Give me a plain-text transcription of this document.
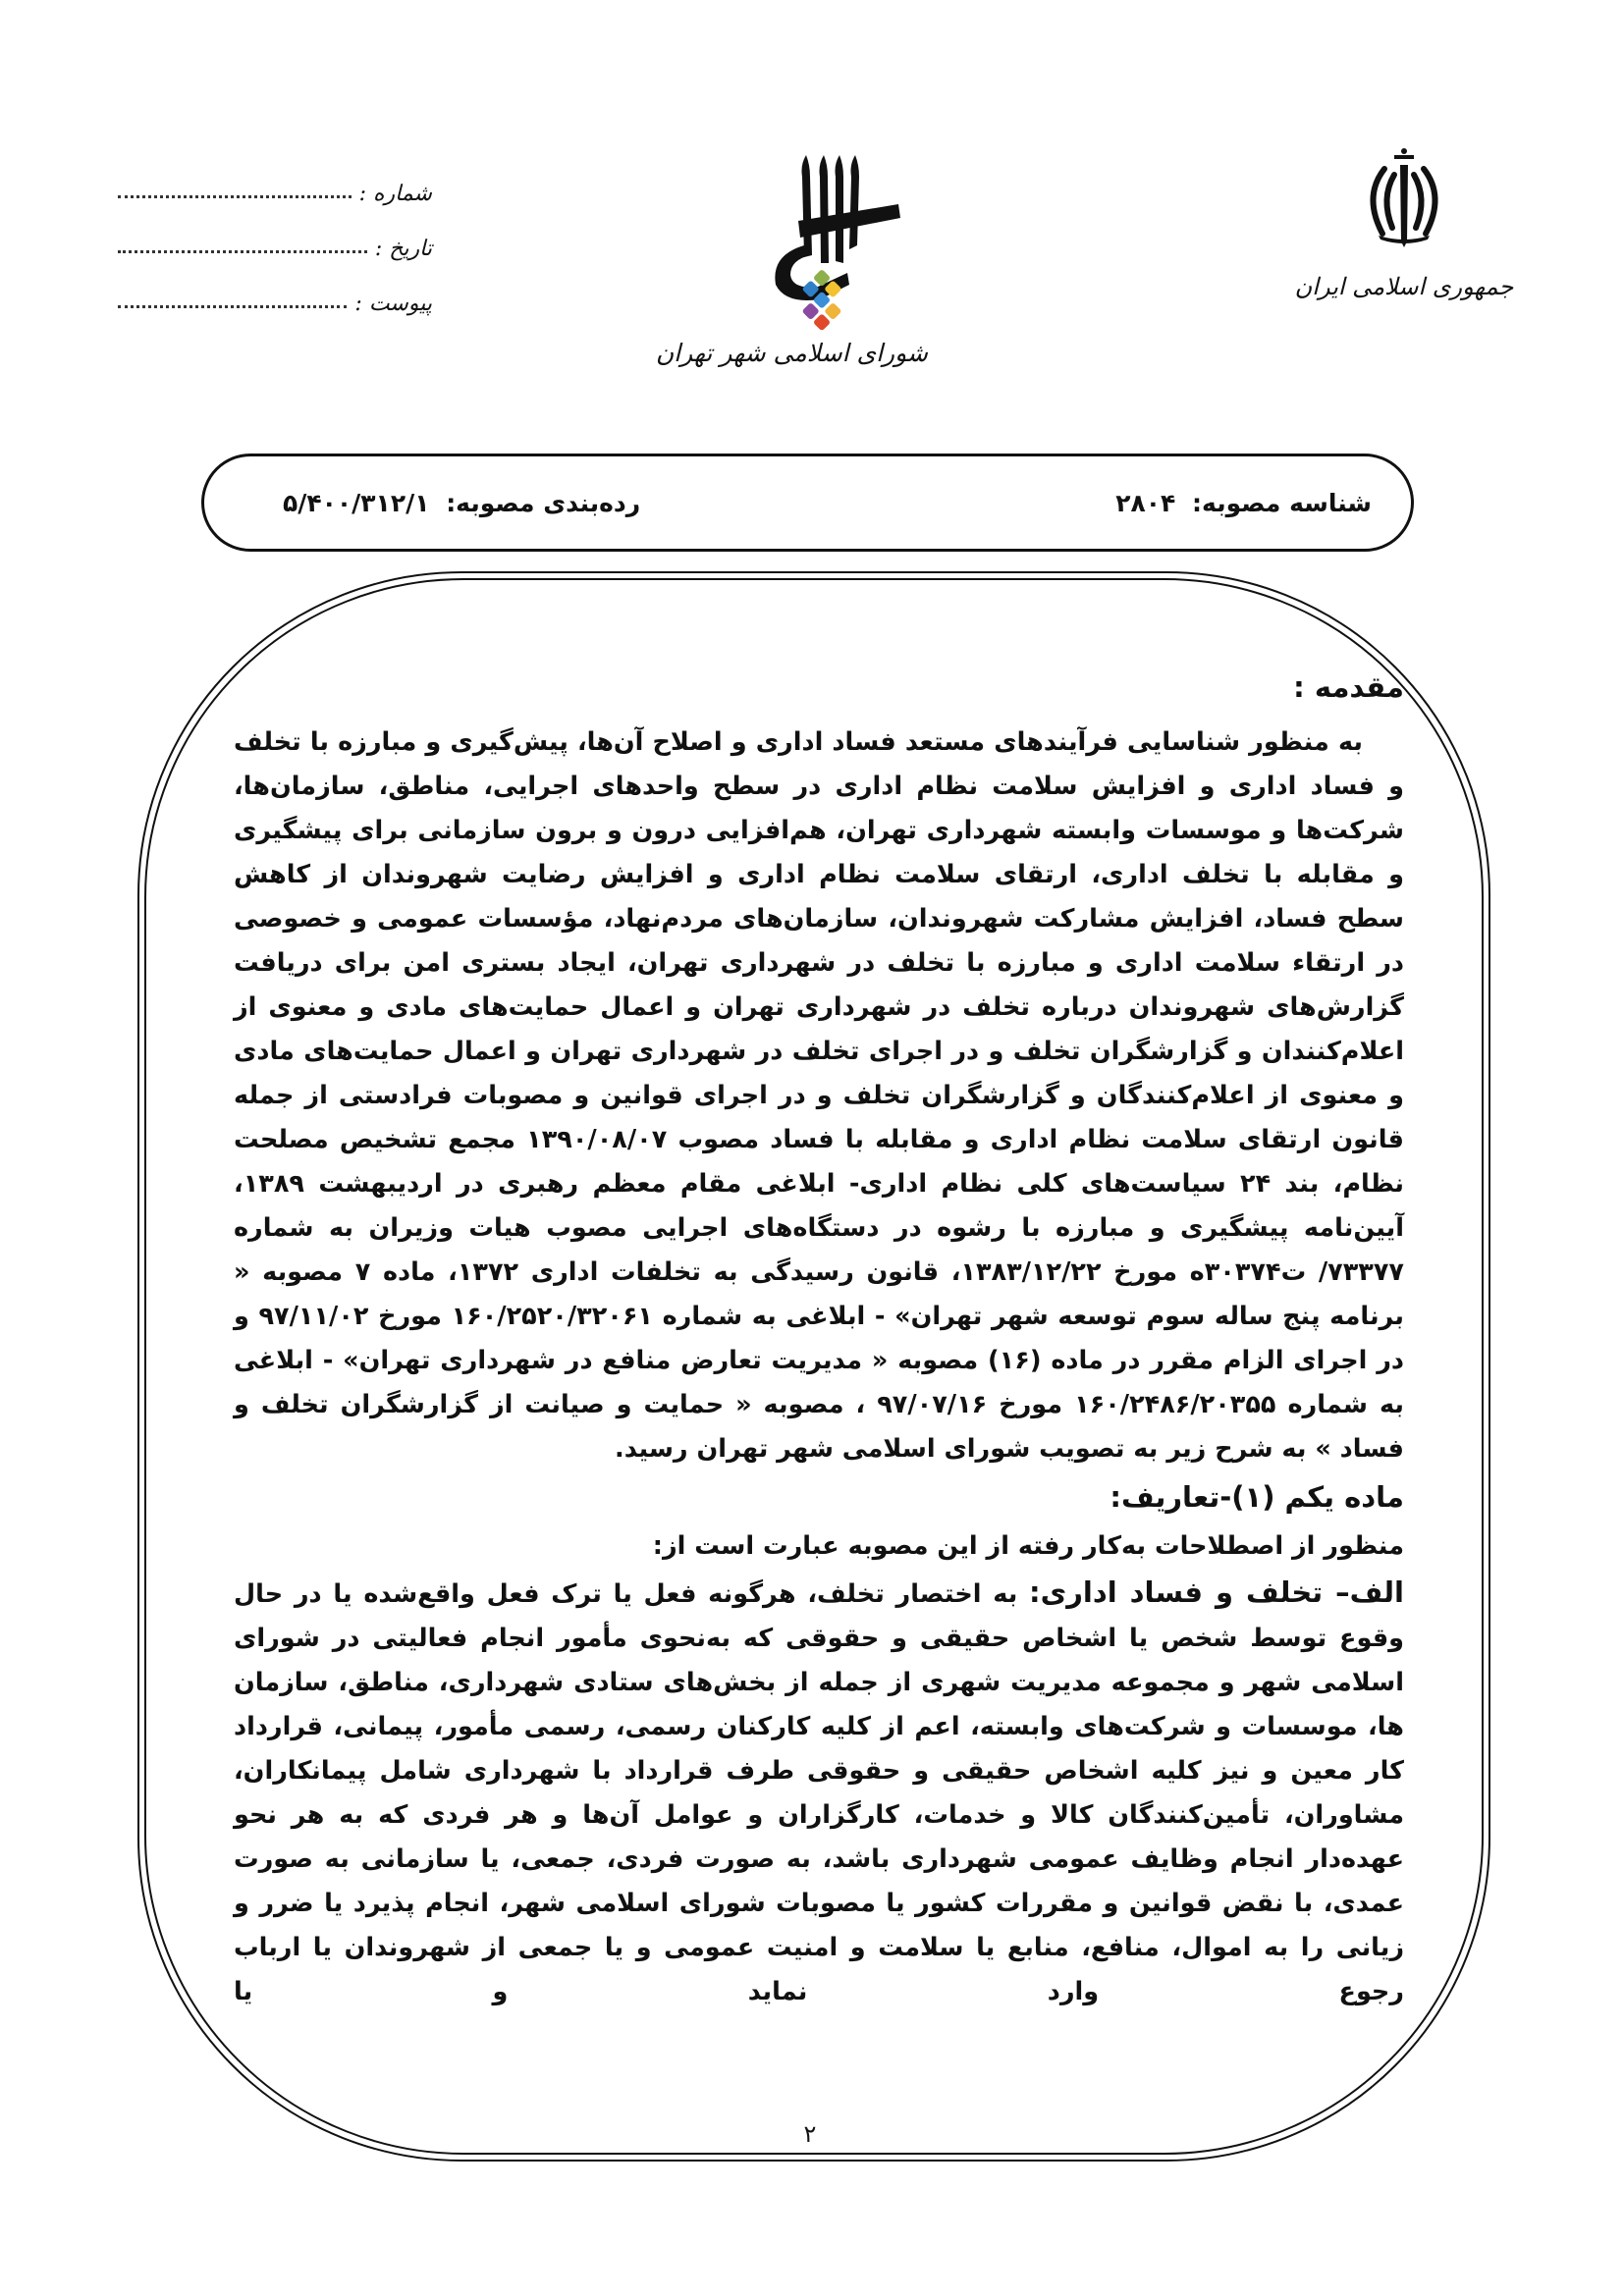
شماره :
تاریخ :
پیوست :
شورای اسلامی شهر تهران
جمهوری اسلامی ایران
شناسه مصوبه: ۲۸۰۴
رده‌بندی مصوبه: ۵/۴۰۰/۳۱۲/۱

مقدمه :

به منظور شناسایی فرآیندهای مستعد فساد اداری و اصلاح آن‌ها، پیش‌گیری و مبارزه با تخلف و فساد اداری و افزایش سلامت نظام اداری در سطح واحدهای اجرایی، مناطق، سازمان‌ها، شرکت‌ها و موسسات وابسته شهرداری تهران، هم‌افزایی درون و برون سازمانی برای پیشگیری و مقابله با تخلف اداری، ارتقای سلامت نظام اداری و افزایش رضایت شهروندان از کاهش سطح فساد، افزایش مشارکت شهروندان، سازمان‌های مردم‌نهاد، مؤسسات عمومی و خصوصی در ارتقاء سلامت اداری و مبارزه با تخلف در شهرداری تهران، ایجاد بستری امن برای دریافت گزارش‌های شهروندان درباره تخلف در شهرداری تهران و اعمال حمایت‌های مادی و معنوی از اعلام‌کنندان و گزارشگران تخلف و در اجرای تخلف در شهرداری تهران و اعمال حمایت‌های مادی و معنوی از اعلام‌کنندگان و گزارشگران تخلف و در اجرای قوانین و مصوبات فرادستی از جمله قانون ارتقای سلامت نظام اداری و مقابله با فساد مصوب ۱۳۹۰/۰۸/۰۷ مجمع تشخیص مصلحت نظام، بند ۲۴ سیاست‌های کلی نظام اداری- ابلاغی مقام معظم رهبری در اردیبهشت ۱۳۸۹، آیین‌نامه پیشگیری و مبارزه با رشوه در دستگاه‌های اجرایی مصوب هیات وزیران به شماره ۷۳۳۷۷/ ت۳۰۳۷۴ه مورخ ۱۳۸۳/۱۲/۲۲، قانون رسیدگی به تخلفات اداری ۱۳۷۲، ماده ۷ مصوبه « برنامه پنج ساله سوم توسعه شهر تهران» - ابلاغی به شماره ۱۶۰/۲۵۲۰/۳۲۰۶۱ مورخ ۹۷/۱۱/۰۲ و در اجرای الزام مقرر در ماده (۱۶) مصوبه « مدیریت تعارض منافع در شهرداری تهران» - ابلاغی به شماره ۱۶۰/۲۴۸۶/۲۰۳۵۵ مورخ ۹۷/۰۷/۱۶ ، مصوبه « حمایت و صیانت از گزارشگران تخلف و فساد » به شرح زیر به تصویب شورای اسلامی شهر تهران رسید.

ماده یکم (۱)-تعاریف:

منظور از اصطلاحات به‌کار رفته از این مصوبه عبارت است از:

الف– تخلف و فساد اداری: به اختصار تخلف، هرگونه فعل یا ترک فعل واقع‌شده یا در حال وقوع توسط شخص یا اشخاص حقیقی و حقوقی که به‌نحوی مأمور انجام فعالیتی در شورای اسلامی شهر و مجموعه مدیریت شهری از جمله از بخش‌های ستادی شهرداری، مناطق، سازمان ها، موسسات و شرکت‌های وابسته، اعم از کلیه کارکنان رسمی، رسمی مأمور، پیمانی، قرارداد کار معین و نیز کلیه اشخاص حقیقی و حقوقی طرف قرارداد با شهرداری شامل پیمانکاران، مشاوران، تأمین‌کنندگان کالا و خدمات، کارگزاران و عوامل آن‌ها و هر فردی که به هر نحو عهده‌دار انجام وظایف عمومی شهرداری باشد، به صورت فردی، جمعی، یا سازمانی به صورت عمدی، با نقض قوانین و مقررات کشور یا مصوبات شورای اسلامی شهر، انجام پذیرد یا ضرر و زیانی را به اموال، منافع، منابع یا سلامت و امنیت عمومی و یا جمعی از شهروندان یا ارباب رجوع وارد نماید و یا

۲
